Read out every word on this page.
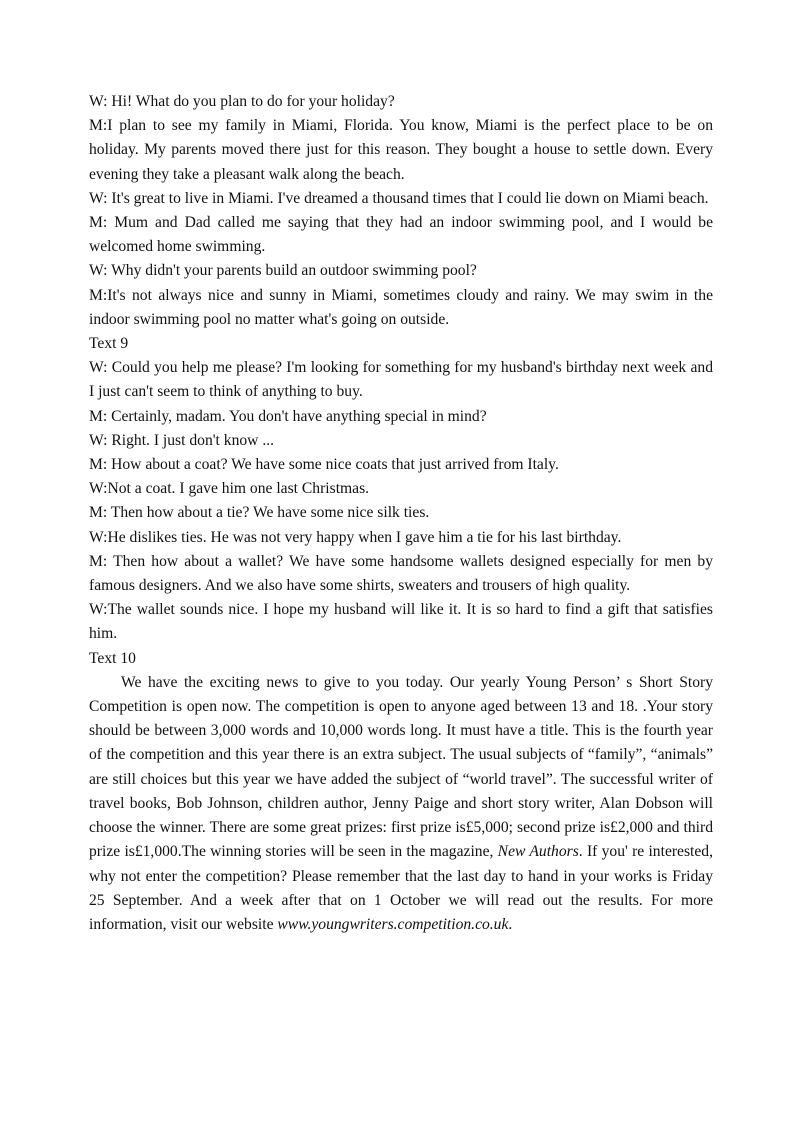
W: Hi! What do you plan to do for your holiday?

M:I plan to see my family in Miami, Florida. You know, Miami is the perfect place to be on holiday. My parents moved there just for this reason. They bought a house to settle down. Every evening they take a pleasant walk along the beach.

W: It's great to live in Miami. I've dreamed a thousand times that I could lie down on Miami beach.

M: Mum and Dad called me saying that they had an indoor swimming pool, and I would be welcomed home swimming.

W: Why didn't your parents build an outdoor swimming pool?

M:It's not always nice and sunny in Miami, sometimes cloudy and rainy. We may swim in the indoor swimming pool no matter what's going on outside.

Text 9

W: Could you help me please? I'm looking for something for my husband's birthday next week and I just can't seem to think of anything to buy.

M: Certainly, madam. You don't have anything special in mind?

W: Right. I just don't know ...

M: How about a coat? We have some nice coats that just arrived from Italy.

W:Not a coat. I gave him one last Christmas.

M: Then how about a tie? We have some nice silk ties.

W:He dislikes ties. He was not very happy when I gave him a tie for his last birthday.

M: Then how about a wallet? We have some handsome wallets designed especially for men by famous designers. And we also have some shirts, sweaters and trousers of high quality.

W:The wallet sounds nice. I hope my husband will like it. It is so hard to find a gift that satisfies him.

Text 10

We have the exciting news to give to you today. Our yearly Young Person’ s Short Story Competition is open now. The competition is open to anyone aged between 13 and 18. .Your story should be between 3,000 words and 10,000 words long. It must have a title. This is the fourth year of the competition and this year there is an extra subject. The usual subjects of “family”, “animals” are still choices but this year we have added the subject of “world travel”. The successful writer of travel books, Bob Johnson, children author, Jenny Paige and short story writer, Alan Dobson will choose the winner. There are some great prizes: first prize is£5,000; second prize is£2,000 and third prize is£1,000.The winning stories will be seen in the magazine, New Authors. If you' re interested, why not enter the competition? Please remember that the last day to hand in your works is Friday 25 September. And a week after that on 1 October we will read out the results. For more information, visit our website www.youngwriters.competition.co.uk.
